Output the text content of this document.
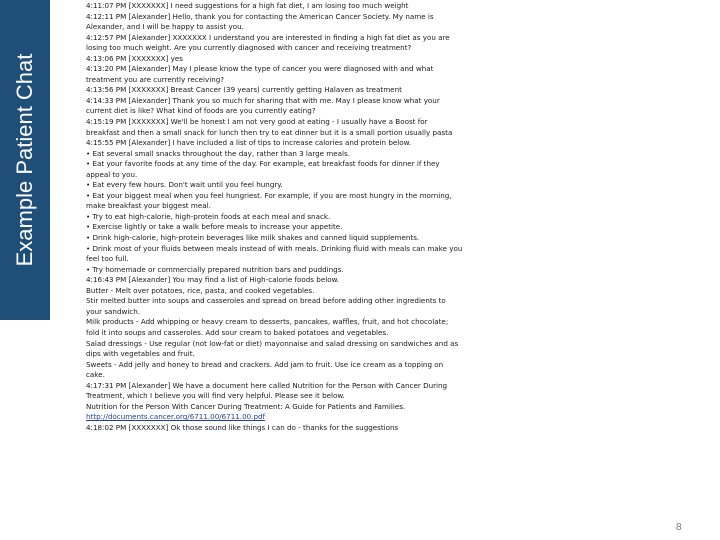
Example Patient Chat
4:11:07 PM [XXXXXXX] I need suggestions for a high fat diet, I am losing too much weight
4:12:11 PM [Alexander] Hello, thank you for contacting the American Cancer Society. My name is
Alexander, and I will be happy to assist you.
4:12:57 PM [Alexander] XXXXXXX I understand you are interested in finding a high fat diet as you are
losing too much weight. Are you currently diagnosed with cancer and receiving treatment?
4:13:06 PM [XXXXXXX] yes
4:13:20 PM [Alexander] May I please know the type of cancer you were diagnosed with and what
treatment you are currently receiving?
4:13:56 PM [XXXXXXX] Breast Cancer (39 years) currently getting Halaven as treatment
4:14:33 PM [Alexander] Thank you so much for sharing that with me. May I please know what your
current diet is like? What kind of foods are you currently eating?
4:15:19 PM [XXXXXXX] We'll be honest I am not very good at eating - I usually have a Boost for
breakfast and then a small snack for lunch then try to eat dinner but it is a small portion usually pasta
4:15:55 PM [Alexander] I have included a list of tips to increase calories and protein below.
• Eat several small snacks throughout the day, rather than 3 large meals.
• Eat your favorite foods at any time of the day. For example, eat breakfast foods for dinner if they
appeal to you.
• Eat every few hours. Don't wait until you feel hungry.
• Eat your biggest meal when you feel hungriest. For example, if you are most hungry in the morning,
make breakfast your biggest meal.
• Try to eat high-calorie, high-protein foods at each meal and snack.
• Exercise lightly or take a walk before meals to increase your appetite.
• Drink high-calorie, high-protein beverages like milk shakes and canned liquid supplements.
• Drink most of your fluids between meals instead of with meals. Drinking fluid with meals can make you
feel too full.
• Try homemade or commercially prepared nutrition bars and puddings.
4:16:43 PM [Alexander] You may find a list of High-calorie foods below.
Butter - Melt over potatoes, rice, pasta, and cooked vegetables.
Stir melted butter into soups and casseroles and spread on bread before adding other ingredients to
your sandwich.
Milk products - Add whipping or heavy cream to desserts, pancakes, waffles, fruit, and hot chocolate;
fold it into soups and casseroles. Add sour cream to baked potatoes and vegetables.
Salad dressings - Use regular (not low-fat or diet) mayonnaise and salad dressing on sandwiches and as
dips with vegetables and fruit.
Sweets - Add jelly and honey to bread and crackers. Add jam to fruit. Use ice cream as a topping on
cake.
4:17:31 PM [Alexander] We have a document here called Nutrition for the Person with Cancer During
Treatment, which I believe you will find very helpful. Please see it below.
Nutrition for the Person With Cancer During Treatment: A Guide for Patients and Families.
http://documents.cancer.org/6711.00/6711.00.pdf
4:18:02 PM [XXXXXXX] Ok those sound like things I can do - thanks for the suggestions
8
